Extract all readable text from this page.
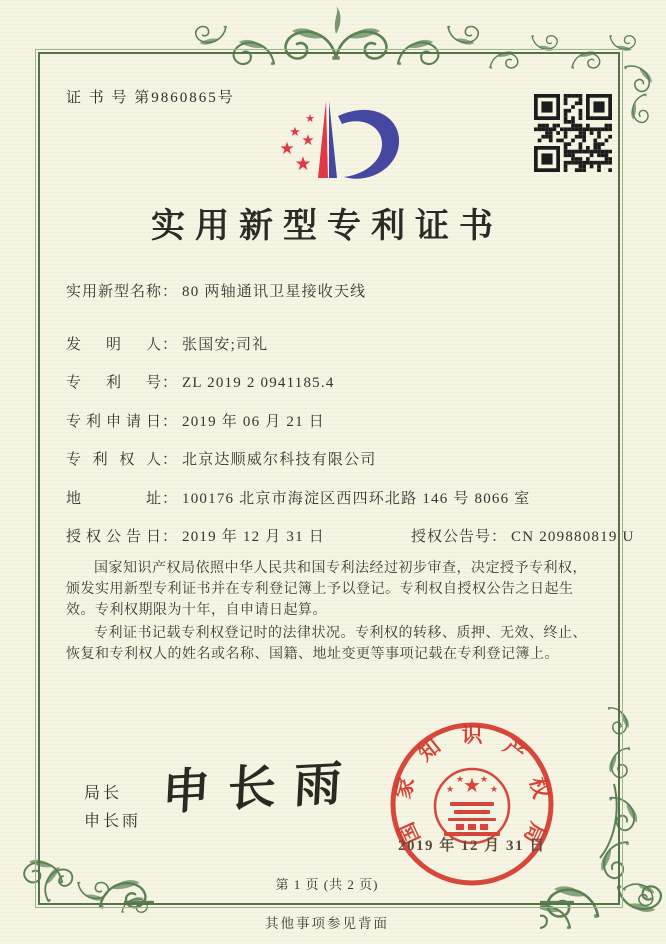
证 书 号 第9860865号
★
★ ★
★
★
实用新型专利证书
实用新型名称： 80 两轴通讯卫星接收天线
发明人： 张国安;司礼
专利号： ZL 2019 2 0941185.4
专利申请日： 2019 年 06 月 21 日
专利权人： 北京达顺威尔科技有限公司
地址： 100176 北京市海淀区西四环北路 146 号 8066 室
授权公告日： 2019 年 12 月 31 日	授权公告号： CN 209880819 U

国家知识产权局依照中华人民共和国专利法经过初步审查，决定授予专利权，颁发实用新型专利证书并在专利登记簿上予以登记。专利权自授权公告之日起生效。专利权期限为十年，自申请日起算。

专利证书记载专利权登记时的法律状况。专利权的转移、质押、无效、终止、恢复和专利权人的姓名或名称、国籍、地址变更等事项记载在专利登记簿上。

局长
申长雨
申长雨
国
家
知 识 产
权
局
★
★
★ ★
★
2019 年 12 月 31 日
第 1 页 (共 2 页)
其他事项参见背面
